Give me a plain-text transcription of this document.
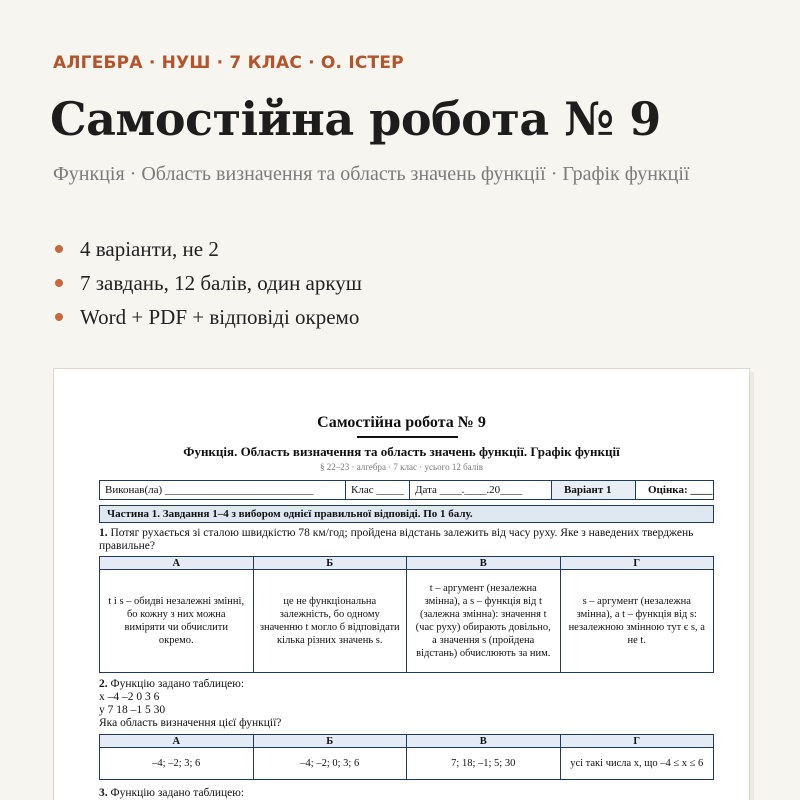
АЛГЕБРА · НУШ · 7 КЛАС · О. ІСТЕР
Самостійна робота № 9

Функція · Область визначення та область значень функції · Графік функції

4 варіанти, не 2
7 завдань, 12 балів, один аркуш
Word + PDF + відповіді окремо
Самостійна робота № 9
Функція. Область визначення та область значень функції. Графік функції
§ 22–23 · алгебра · 7 клас · усього 12 балів
Виконав(ла) ___________________________	Клас _____	Дата ____.____.20____	Варіант 1	Оцінка: ____
Частина 1. Завдання 1–4 з вибором однієї правильної відповіді. По 1 балу.
1. Потяг рухається зі сталою швидкістю 78 км/год; пройдена відстань залежить від часу руху. Яке з наведених тверджень правильне?
А	Б	В	Г
t і s – обидві незалежні змінні, бо кожну з них можна виміряти чи обчислити окремо.	це не функціональна залежність, бо одному значенню t могло б відповідати кілька різних значень s.	t – аргумент (незалежна змінна), а s – функція від t (залежна змінна): значення t (час руху) обирають довільно, а значення s (пройдена відстань) обчислюють за ним.	s – аргумент (незалежна змінна), а t – функція від s: незалежною змінною тут є s, а не t.
2. Функцію задано таблицею:
x –4 –2 0 3 6
y 7 18 –1 5 30
Яка область визначення цієї функції?
А	Б	В	Г
–4; –2; 3; 6	–4; –2; 0; 3; 6	7; 18; –1; 5; 30	усі такі числа x, що –4 ≤ x ≤ 6
3. Функцію задано таблицею:
